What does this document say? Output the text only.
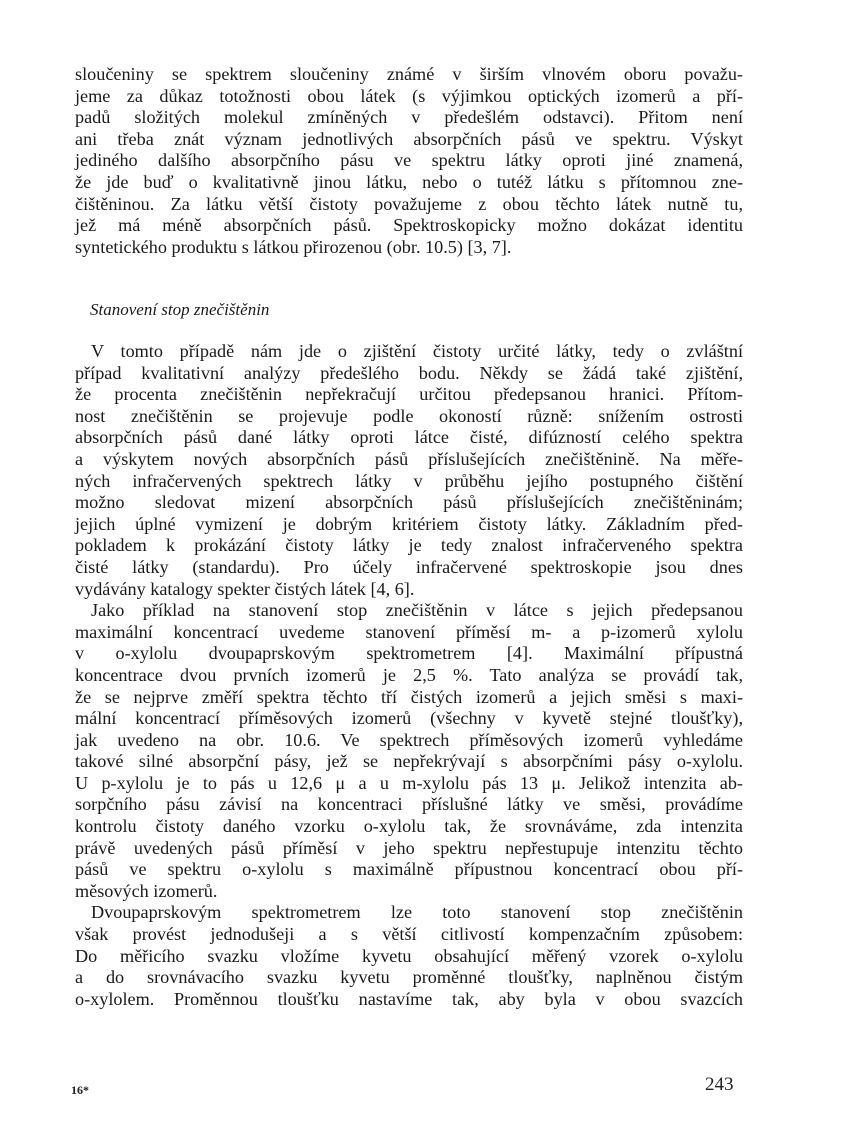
sloučeniny se spektrem sloučeniny známé v širším vlnovém oboru považu-
jeme za důkaz totožnosti obou látek (s výjimkou optických izomerů a pří-
padů složitých molekul zmíněných v předešlém odstavci). Přitom není
ani třeba znát význam jednotlivých absorpčních pásů ve spektru. Výskyt
jediného dalšího absorpčního pásu ve spektru látky oproti jiné znamená,
že jde buď o kvalitativně jinou látku, nebo o tutéž látku s přítomnou zne-
čištěninou. Za látku větší čistoty považujeme z obou těchto látek nutně tu,
jež má méně absorpčních pásů. Spektroskopicky možno dokázat identitu
syntetického produktu s látkou přirozenou (obr. 10.5) [3, 7].
Stanovení stop znečištěnin
V tomto případě nám jde o zjištění čistoty určité látky, tedy o zvláštní
případ kvalitativní analýzy předešlého bodu. Někdy se žádá také zjištění,
že procenta znečištěnin nepřekračují určitou předepsanou hranici. Přítom-
nost znečištěnin se projevuje podle okoností různě: snížením ostrosti
absorpčních pásů dané látky oproti látce čisté, difúzností celého spektra
a výskytem nových absorpčních pásů příslušejících znečištěnině. Na měře-
ných infračervených spektrech látky v průběhu jejího postupného čištění
možno sledovat mizení absorpčních pásů příslušejících znečištěninám;
jejich úplné vymizení je dobrým kritériem čistoty látky. Základním před-
pokladem k prokázání čistoty látky je tedy znalost infračerveného spektra
čisté látky (standardu). Pro účely infračervené spektroskopie jsou dnes
vydávány katalogy spekter čistých látek [4, 6].
Jako příklad na stanovení stop znečištěnin v látce s jejich předepsanou
maximální koncentrací uvedeme stanovení příměsí m- a p-izomerů xylolu
v o-xylolu dvoupaprskovým spektrometrem [4]. Maximální přípustná
koncentrace dvou prvních izomerů je 2,5 %. Tato analýza se provádí tak,
že se nejprve změří spektra těchto tří čistých izomerů a jejich směsi s maxi-
mální koncentrací příměsových izomerů (všechny v kyvetě stejné tloušťky),
jak uvedeno na obr. 10.6. Ve spektrech příměsových izomerů vyhledáme
takové silné absorpční pásy, jež se nepřekrývají s absorpčními pásy o-xylolu.
U p-xylolu je to pás u 12,6 μ a u m-xylolu pás 13 μ. Jelikož intenzita ab-
sorpčního pásu závisí na koncentraci příslušné látky ve směsi, provádíme
kontrolu čistoty daného vzorku o-xylolu tak, že srovnáváme, zda intenzita
právě uvedených pásů příměsí v jeho spektru nepřestupuje intenzitu těchto
pásů ve spektru o-xylolu s maximálně přípustnou koncentrací obou pří-
měsových izomerů.
Dvoupaprskovým spektrometrem lze toto stanovení stop znečištěnin
však provést jednodušeji a s větší citlivostí kompenzačním způsobem:
Do měřicího svazku vložíme kyvetu obsahující měřený vzorek o-xylolu
a do srovnávacího svazku kyvetu proměnné tloušťky, naplněnou čistým
o-xylolem. Proměnnou tloušťku nastavíme tak, aby byla v obou svazcích
16*	243
